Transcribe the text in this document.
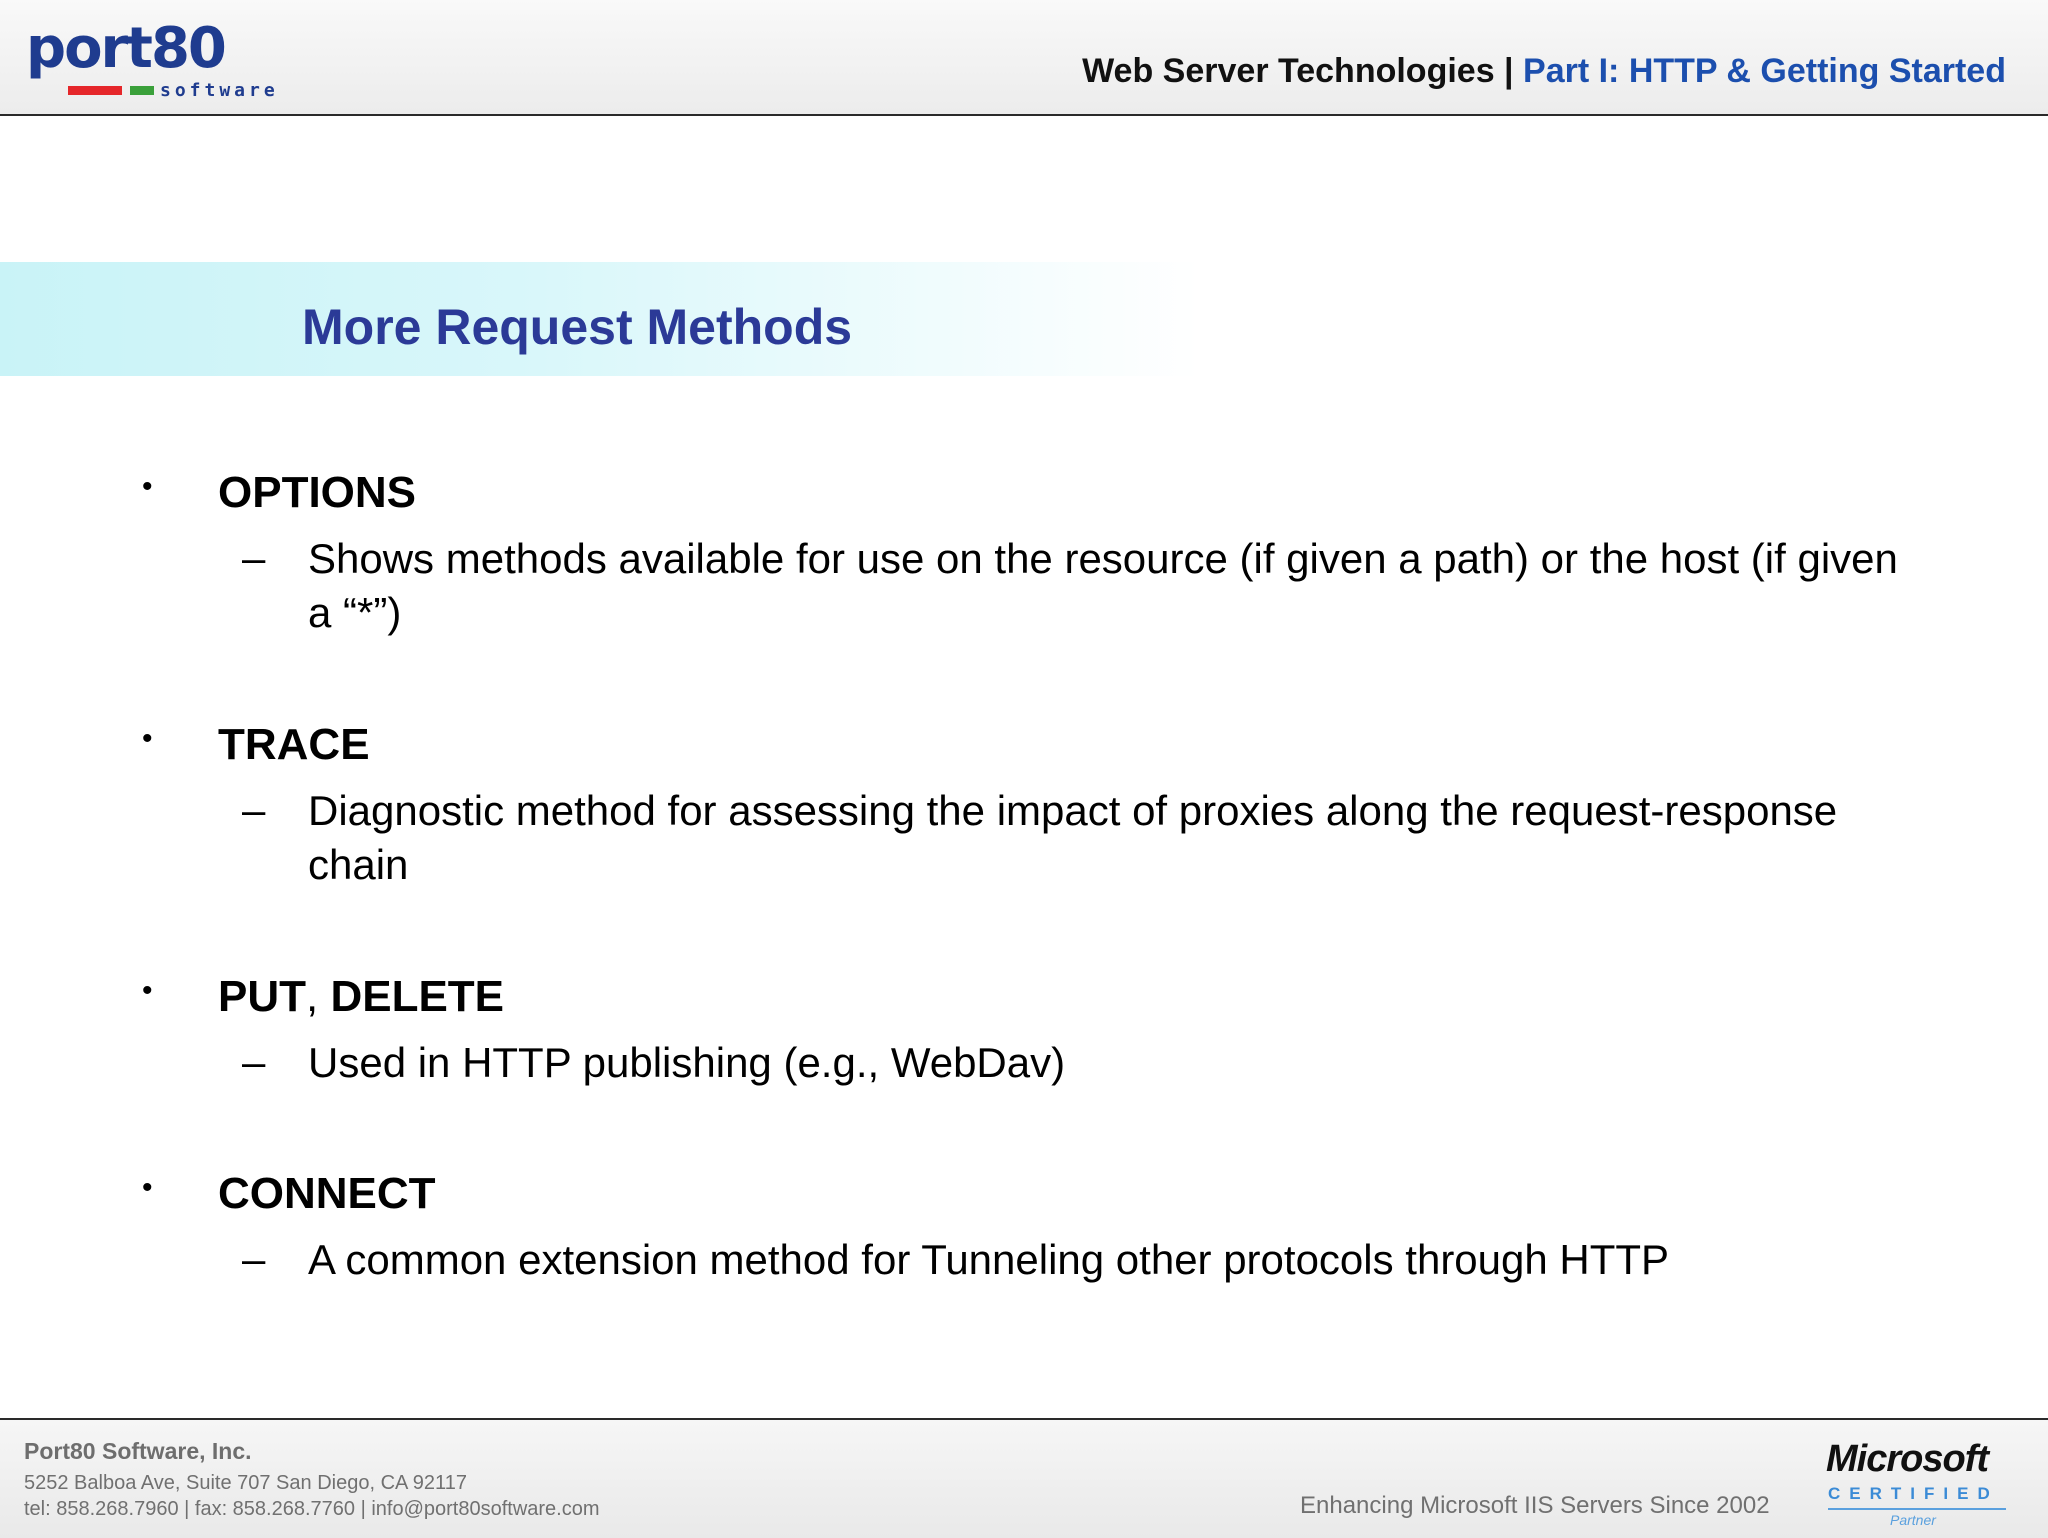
port80
software
Web Server Technologies | Part I: HTTP & Getting Started
More Request Methods
• OPTIONS
– Shows methods available for use on the resource (if given a path) or the host (if given a “*”)
• TRACE
– Diagnostic method for assessing the impact of proxies along the request-response chain
• PUT, DELETE
– Used in HTTP publishing (e.g., WebDav)
• CONNECT
– A common extension method for Tunneling other protocols through HTTP
Port80 Software, Inc.
5252 Balboa Ave, Suite 707 San Diego, CA 92117
tel: 858.268.7960 | fax: 858.268.7760 | info@port80software.com	Enhancing Microsoft IIS Servers Since 2002
Microsoft
CERTIFIED
Partner
